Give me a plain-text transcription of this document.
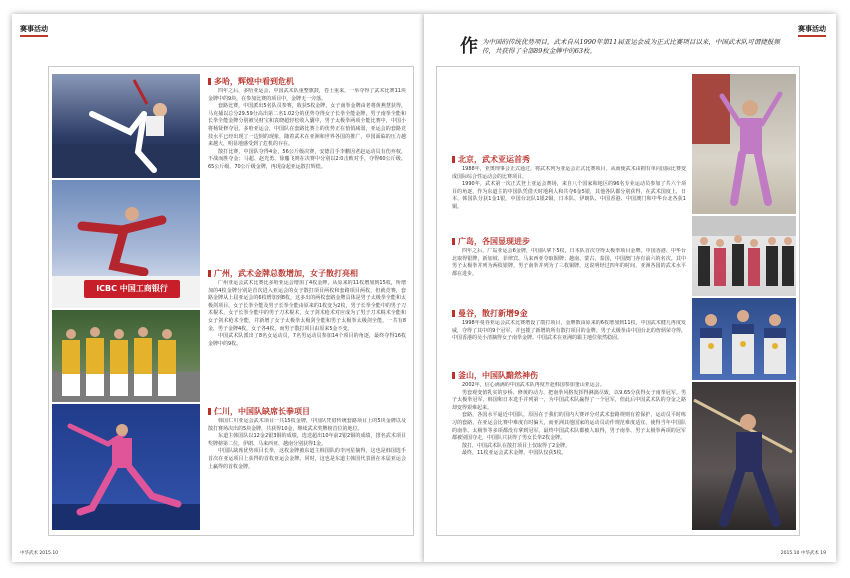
赛事活动
ICBC 中国工商银行
多哈，辉煌中看到危机

四年之后，多哈亚运会，中国武术队重整旗鼓，卷土重来，一举夺得了武术比赛11块金牌中的9块，在参加比赛的项目中，金牌无一旁落。

套路比赛，中国派出5名队员参赛，收获5枚金牌，女子南拳金牌由老将黄燕慧获得，马克捕以总分29.59分高出第二名1.02分的优势夺得女子长拳全能金牌，男子南拳全能和长拳全能金牌分别被吴财宝和袁晓超轻松收入囊中，男子太极拳两项全能比赛中，中国小将杨贤修夺冠。多哈亚运会，中国队在套路比赛上的优势正在悄悄减弱，亚运会的套路竞技水平已经出现了一边倒的现象，随着武术在亚洲和世界各国的推广，中国面临的压力越来越大，明显地感受到了危机的存在。

散打比赛，中国队夺得4金，56公斤级决赛，安德昌手李鹏因老赵运动员有伤弃权，不战而胜夺金；马超、赵光勇、徐鏖飞则在决赛中分别以2:0击败对手，夺得60公斤级、65公斤级、70公斤级金牌，再现奋起亚运散打辉煌。

广州，武术金牌总数增加，女子散打亮相

广州亚运会武术比赛比多哈亚运会增加了4枚金牌，从原来的11枚增加到15枚，所增加的4枚金牌分别是首次进入亚运会的女子散打项目两枚和套路项目两枚，但就竞赛，套路金牌从上届亚运会的6枚增加到8枚，这多出的两枚套路金牌具体是男子太极拳全能和太极剑项目，女子长拳全能及男子长拳全能由原来的1枚变为2枚，男子长拳全能中的男子刀术棍术，女子长拳全能中的男子刀术棍术，女子剑术枪术对应成为了男子刀术棍术全能和女子剑术枪术全能，并新增了女子太极拳太极剑全能和男子太极拳太极剑全能，一共有8金，男子金牌4枚，女子各4枚，而男子散打项目由原来5金不变。

中国武术队派出了8名女运动员，7名男运动员参加14个项目的角逐，最终夺得16枚金牌中的9枚。

仁川，中国队缺席长拳项目

韩国仁川亚运会武术项目一共15枚金牌，中国队凭借传统套路项目上的5块金牌以及散打赛场决出的5块金牌，共获得10金，继续武术奖牌榜首位的地位。

东道主韩国队以12金2银3铜的成绩，选送超出10年前2银2铜的成绩，排名武术项目奖牌榜第二位，伊朗、马来西亚、越南分别获得1金。

中国队缺席优势项目长拳，这枚金牌被东道主韩国队的李河星摘得，这也是韩国选手首次在亚运项目上获得的首枚亚运会金牌。同时，这也是东道主韩国代表团在本届亚运会上赢得的首枚金牌。

中华武术 2015.10
赛事活动
作 为中国的传统优势项目，武术自从1990年第11届亚运会成为正式比赛项目以来，中国武术队可谓捷报频传，共获得了全部89枚金牌中的63枚。
北京，武术亚运首秀

1988年，亚奥理事会正式通过，将武术列为亚运会正式比赛项目，从而使武术由拥有单向国际比赛变成国际综合性运动会的比赛项目。

1990年，武术第一次正式登上亚运会赛场，来自八个国家和地区的96名专业运动员参加了共六个项目的角逐，作为东道主的中国队凭借天时地利人和共夺6金5银，其他各队都分别获得，在武术国度上，日本、韩国队分获1金1银，中国台北队1银2铜，日本队、伊朗队、中国香港、中国澳门和中华台北各获1铜。

广岛，各国显现进步

四年之后，广岛亚运会6金牌，中国队拿下5枚，日本队首次夺得太极拳项目金牌。中国香港、中华台北取得银牌，新加坡、菲律宾、马来西亚夺取铜牌；越南、蒙古、泰国，中国澳门亦有前六的名次。其中男子太极拳并列为两枚银牌，男子南拳并列为了三枚铜牌。这说明经过四年的时间，亚洲各国的武术水平都在进步。

曼谷，散打新增9金

1998年曼谷亚运会武术比赛增设了散打项目，金牌数由原来的6枚增加到11枚，中国武术健儿再度发威，夺得了其中的9个冠军，并包揽了新增的所有散打项目的金牌。男子太极拳由中国台北的詹炳荣夺得，中国香港的吴小清摘得女子南拳金牌。中国武术在亚洲的霸主地位依然稳固。

釜山，中国队黯然神伤

2002年，信心满满的中国武术队再度开赴韩国参加釜山亚运会。

男套观变值乳实的步桥、修黄的动力、把南拳风格发挥得淋漓尽致，以9.65分获得女子南拳冠军。男子太极拳冠军，韩国和日本选手并列第一，为中国武术队赢得了一个冠军，但此后中国武术队的夺金之路却变得艰难起来。

套路，各国水平逼近中国队，原因在于我们的国内大赛评分对武术套路规则有着保护，运动员平时练习的套路，在亚运会比赛中难度有时偏大，而亚洲其他国家的运动员动作规范难度适宜，使得当年中国队的南拳、太极拳等多项都没有拿到冠军。最终中国武术队都被人取得，男子南拳、男子太极拳两项的冠军都被别国夺走，中国队只获得了男女长拳2枚金牌。

散打，中国武术队在散打项目上仅取得了2金牌。

最终，11枚亚运会武术金牌，中国队仅获5枚。

2015.10 中华武术 19
